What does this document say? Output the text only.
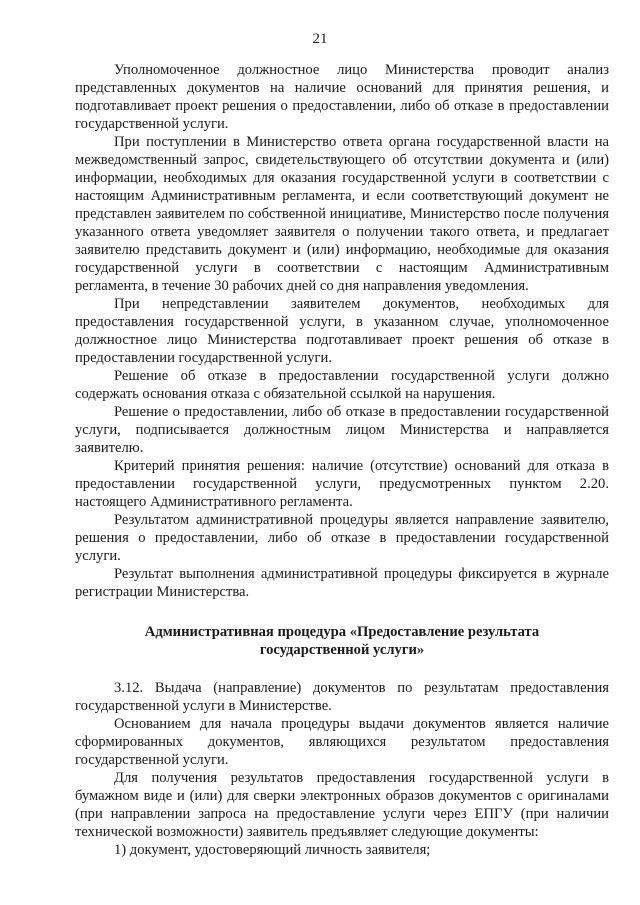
21

Уполномоченное должностное лицо Министерства проводит анализ представленных документов на наличие оснований для принятия решения, и подготавливает проект решения о предоставлении, либо об отказе в предоставлении государственной услуги.

При поступлении в Министерство ответа органа государственной власти на межведомственный запрос, свидетельствующего об отсутствии документа и (или) информации, необходимых для оказания государственной услуги в соответствии с настоящим Административным регламента, и если соответствующий документ не представлен заявителем по собственной инициативе, Министерство после получения указанного ответа уведомляет заявителя о получении такого ответа, и предлагает заявителю представить документ и (или) информацию, необходимые для оказания государственной услуги в соответствии с настоящим Административным регламента, в течение 30 рабочих дней со дня направления уведомления.

При непредставлении заявителем документов, необходимых для предоставления государственной услуги, в указанном случае, уполномоченное должностное лицо Министерства подготавливает проект решения об отказе в предоставлении государственной услуги.

Решение об отказе в предоставлении государственной услуги должно содержать основания отказа с обязательной ссылкой на нарушения.

Решение о предоставлении, либо об отказе в предоставлении государственной услуги, подписывается должностным лицом Министерства и направляется заявителю.

Критерий принятия решения: наличие (отсутствие) оснований для отказа в предоставлении государственной услуги, предусмотренных пунктом 2.20. настоящего Административного регламента.

Результатом административной процедуры является направление заявителю, решения о предоставлении, либо об отказе в предоставлении государственной услуги.

Результат выполнения административной процедуры фиксируется в журнале регистрации Министерства.

Административная процедура «Предоставление результата государственной услуги»

3.12. Выдача (направление) документов по результатам предоставления государственной услуги в Министерстве.

Основанием для начала процедуры выдачи документов является наличие сформированных документов, являющихся результатом предоставления государственной услуги.

Для получения результатов предоставления государственной услуги в бумажном виде и (или) для сверки электронных образов документов с оригиналами (при направлении запроса на предоставление услуги через ЕПГУ (при наличии технической возможности) заявитель предъявляет следующие документы:

1) документ, удостоверяющий личность заявителя;
